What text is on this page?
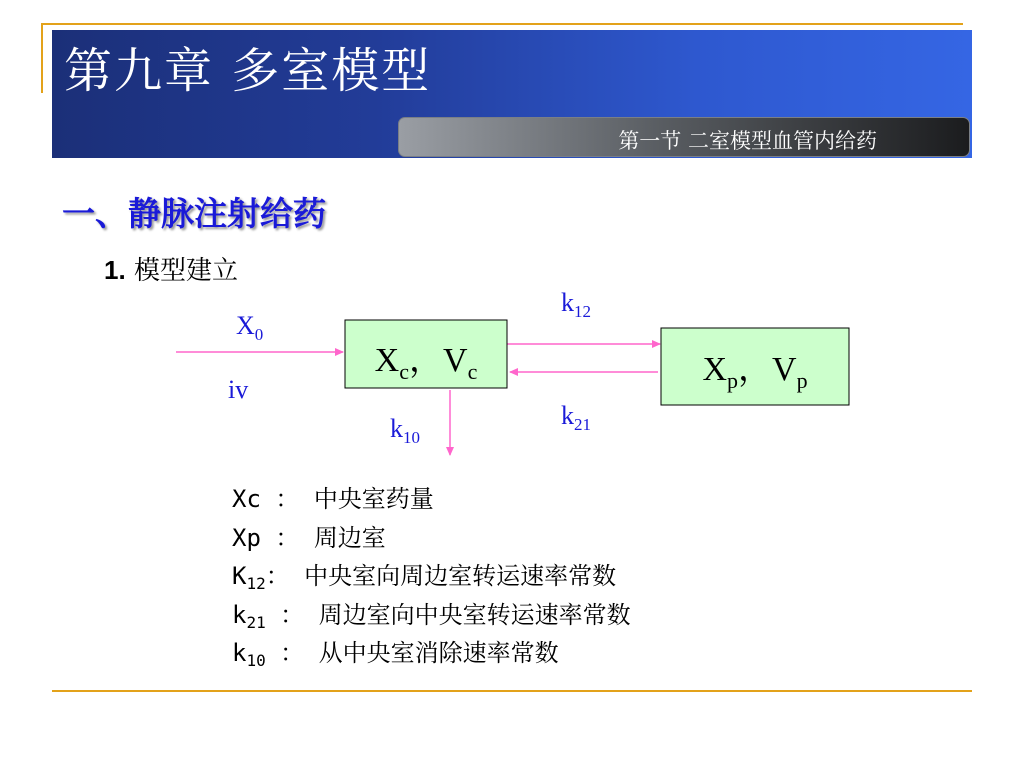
第九章 多室模型
第一节 二室模型血管内给药
一、静脉注射给药
1. 模型建立
$X_c$，$V_c$	$X_p$，$V_p$
$X_0$
iv
$k_{12}$
$k_{21}$
$k_{10}$
Xc ： 中央室药量
Xp ： 周边室
$K_{12}$： 中央室向周边室转运速率常数
$k_{21}$ ： 周边室向中央室转运速率常数
$k_{10}$ ： 从中央室消除速率常数
